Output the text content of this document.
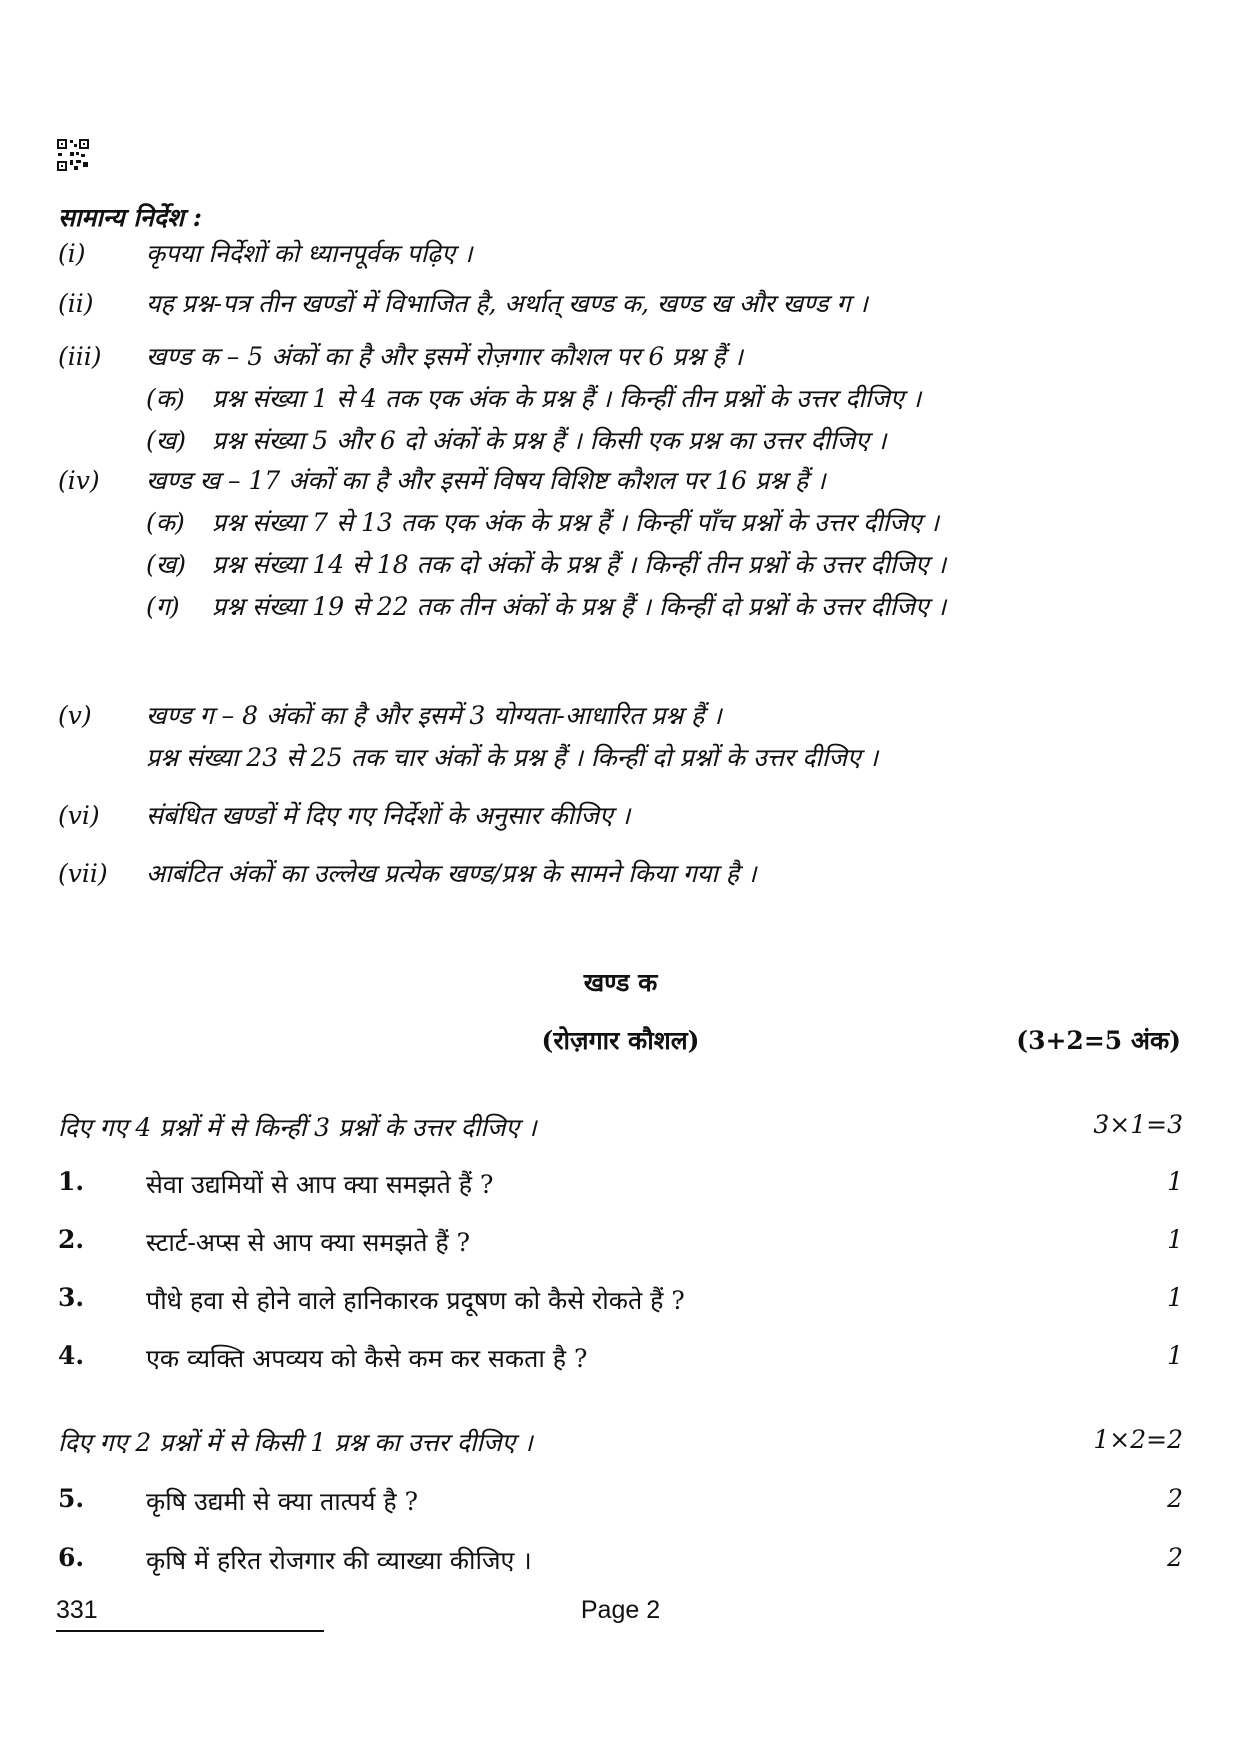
सामान्य निर्देश :
(i)	कृपया निर्देशों को ध्यानपूर्वक पढ़िए ।
(ii)	यह प्रश्न-पत्र तीन खण्डों में विभाजित है, अर्थात् खण्ड क, खण्ड ख और खण्ड ग ।
(iii)	खण्ड क – 5 अंकों का है और इसमें रोज़गार कौशल पर 6 प्रश्न हैं ।
(क) प्रश्न संख्या 1 से 4 तक एक अंक के प्रश्न हैं । किन्हीं तीन प्रश्नों के उत्तर दीजिए ।
(ख) प्रश्न संख्या 5 और 6 दो अंकों के प्रश्न हैं । किसी एक प्रश्न का उत्तर दीजिए ।
(iv)	खण्ड ख – 17 अंकों का है और इसमें विषय विशिष्ट कौशल पर 16 प्रश्न हैं ।
(क) प्रश्न संख्या 7 से 13 तक एक अंक के प्रश्न हैं । किन्हीं पाँच प्रश्नों के उत्तर दीजिए ।
(ख) प्रश्न संख्या 14 से 18 तक दो अंकों के प्रश्न हैं । किन्हीं तीन प्रश्नों के उत्तर दीजिए ।
(ग) प्रश्न संख्या 19 से 22 तक तीन अंकों के प्रश्न हैं । किन्हीं दो प्रश्नों के उत्तर दीजिए ।
(v)	खण्ड ग – 8 अंकों का है और इसमें 3 योग्यता-आधारित प्रश्न हैं ।
प्रश्न संख्या 23 से 25 तक चार अंकों के प्रश्न हैं । किन्हीं दो प्रश्नों के उत्तर दीजिए ।
(vi)	संबंधित खण्डों में दिए गए निर्देशों के अनुसार कीजिए ।
(vii)	आबंटित अंकों का उल्लेख प्रत्येक खण्ड/प्रश्न के सामने किया गया है ।
खण्ड क
(रोज़गार कौशल)	(3+2=5 अंक)
दिए गए 4 प्रश्नों में से किन्हीं 3 प्रश्नों के उत्तर दीजिए ।	3×1=3
1. सेवा उद्यमियों से आप क्या समझते हैं ?	1
2. स्टार्ट-अप्स से आप क्या समझते हैं ?	1
3. पौधे हवा से होने वाले हानिकारक प्रदूषण को कैसे रोकते हैं ?	1
4. एक व्यक्ति अपव्यय को कैसे कम कर सकता है ?	1
दिए गए 2 प्रश्नों में से किसी 1 प्रश्न का उत्तर दीजिए ।	1×2=2
5. कृषि उद्यमी से क्या तात्पर्य है ?	2
6. कृषि में हरित रोजगार की व्याख्या कीजिए ।	2
331	Page 2
